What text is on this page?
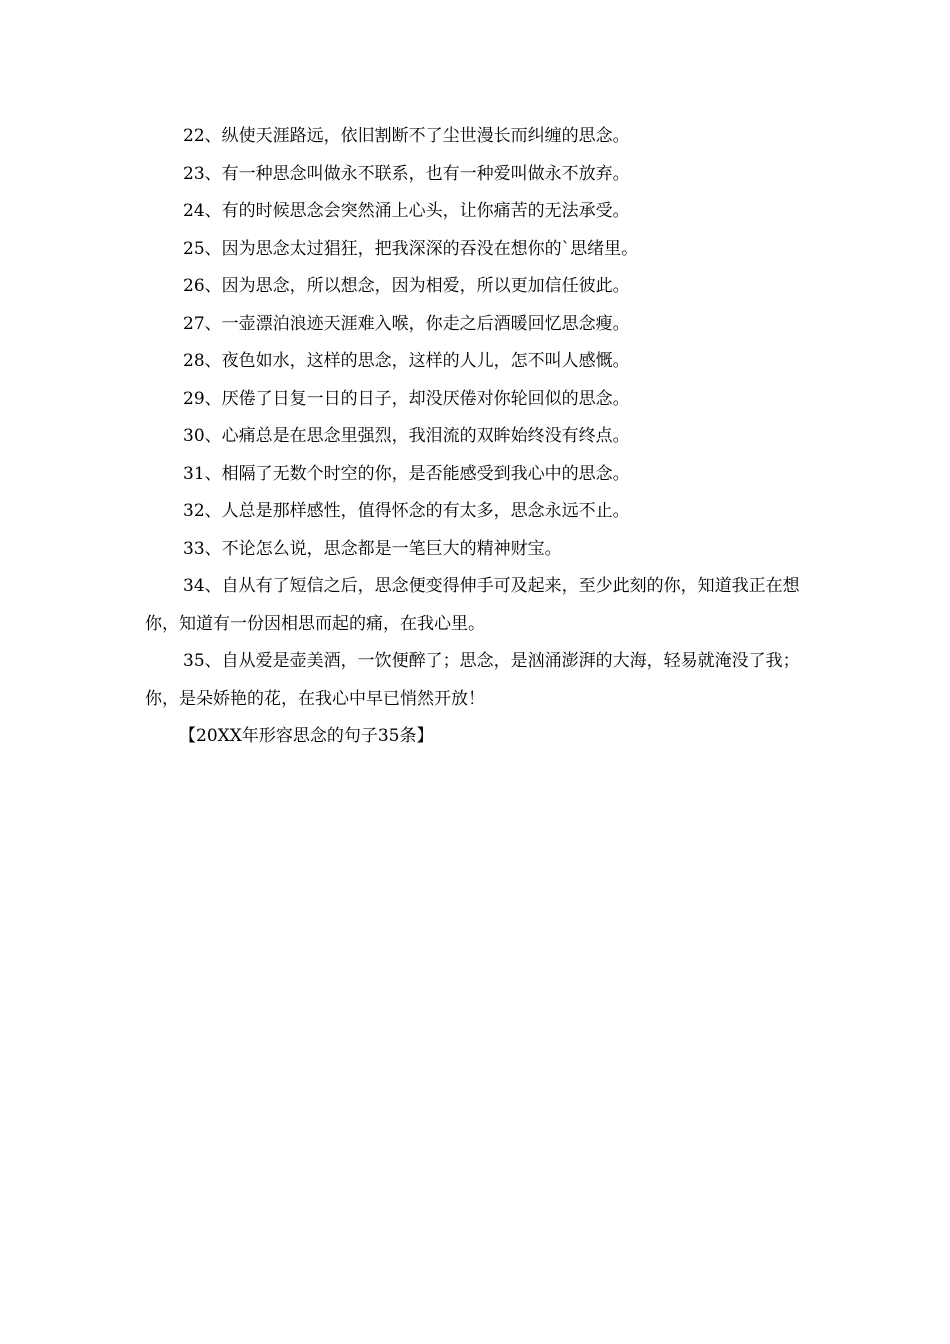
22、纵使天涯路远，依旧割断不了尘世漫长而纠缠的思念。

23、有一种思念叫做永不联系，也有一种爱叫做永不放弃。

24、有的时候思念会突然涌上心头，让你痛苦的无法承受。

25、因为思念太过猖狂，把我深深的吞没在想你的`思绪里。

26、因为思念，所以想念，因为相爱，所以更加信任彼此。

27、一壶漂泊浪迹天涯难入喉，你走之后酒暖回忆思念瘦。

28、夜色如水，这样的思念，这样的人儿，怎不叫人感慨。

29、厌倦了日复一日的日子，却没厌倦对你轮回似的思念。

30、心痛总是在思念里强烈，我泪流的双眸始终没有终点。

31、相隔了无数个时空的你，是否能感受到我心中的思念。

32、人总是那样感性，值得怀念的有太多，思念永远不止。

33、不论怎么说，思念都是一笔巨大的精神财宝。

34、自从有了短信之后，思念便变得伸手可及起来，至少此刻的你，知道我正在想你，知道有一份因相思而起的痛，在我心里。

35、自从爱是壶美酒，一饮便醉了；思念，是汹涌澎湃的大海，轻易就淹没了我；你，是朵娇艳的花，在我心中早已悄然开放！

【20XX年形容思念的句子35条】
